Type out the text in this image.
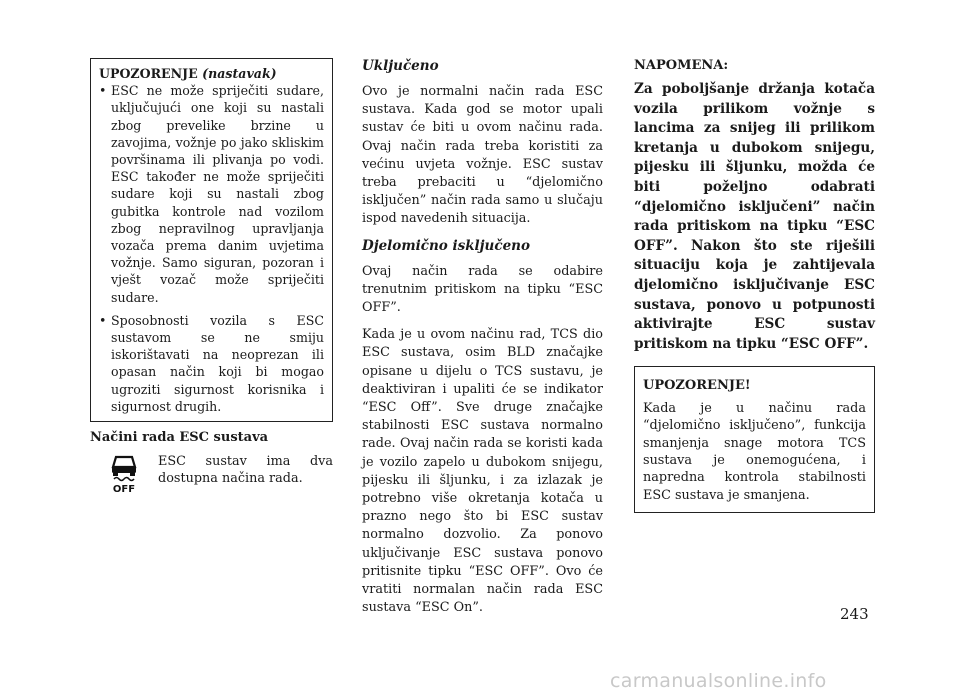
UPOZORENJE (nastavak)
• ESC ne može spriječiti sudare, uključujući one koji su nastali zbog prevelike brzine u zavojima, vožnje po jako skliskim površinama ili plivanja po vodi. ESC također ne može spriječiti sudare koji su nastali zbog gubitka kontrole nad vozilom zbog nepravilnog upravljanja vozača prema danim uvjetima vožnje. Samo siguran, pozoran i vješt vozač može spriječiti sudare.
• Sposobnosti vozila s ESC sustavom se ne smiju iskorištavati na neoprezan ili opasan način koji bi mogao ugroziti sigurnost korisnika i sigurnost drugih.
Načini rada ESC sustava
OFF
ESC sustav ima dva dostupna načina rada.
Uključeno
Ovo je normalni način rada ESC sustava. Kada god se motor upali sustav će biti u ovom načinu rada. Ovaj način rada treba koristiti za većinu uvjeta vožnje. ESC sustav treba prebaciti u “djelomično isključen” način rada samo u slučaju ispod navedenih situacija.
Djelomično isključeno
Ovaj način rada se odabire trenutnim pritiskom na tipku “ESC OFF”.
Kada je u ovom načinu rad, TCS dio ESC sustava, osim BLD značajke opisane u dijelu o TCS sustavu, je deaktiviran i upaliti će se indikator “ESC Off”. Sve druge značajke stabilnosti ESC sustava normalno rade. Ovaj način rada se koristi kada je vozilo zapelo u dubokom snijegu, pijesku ili šljunku, i za izlazak je potrebno više okretanja kotača u prazno nego što bi ESC sustav normalno dozvolio. Za ponovo uključivanje ESC sustava ponovo pritisnite tipku “ESC OFF”. Ovo će vratiti normalan način rada ESC sustava “ESC On”.
NAPOMENA:
Za poboljšanje držanja kotača vozila prilikom vožnje s lancima za snijeg ili prilikom kretanja u dubokom snijegu, pijesku ili šljunku, možda će biti poželjno odabrati “djelomično isključeni” način rada pritiskom na tipku “ESC OFF”. Nakon što ste riješili situaciju koja je zahtijevala djelomično isključivanje ESC sustava, ponovo u potpunosti aktivirajte ESC sustav pritiskom na tipku “ESC OFF”.
UPOZORENJE!
Kada je u načinu rada “djelomično isključeno”, funkcija smanjenja snage motora TCS sustava je onemogućena, i napredna kontrola stabilnosti ESC sustava je smanjena.
243
carmanualsonline.info
